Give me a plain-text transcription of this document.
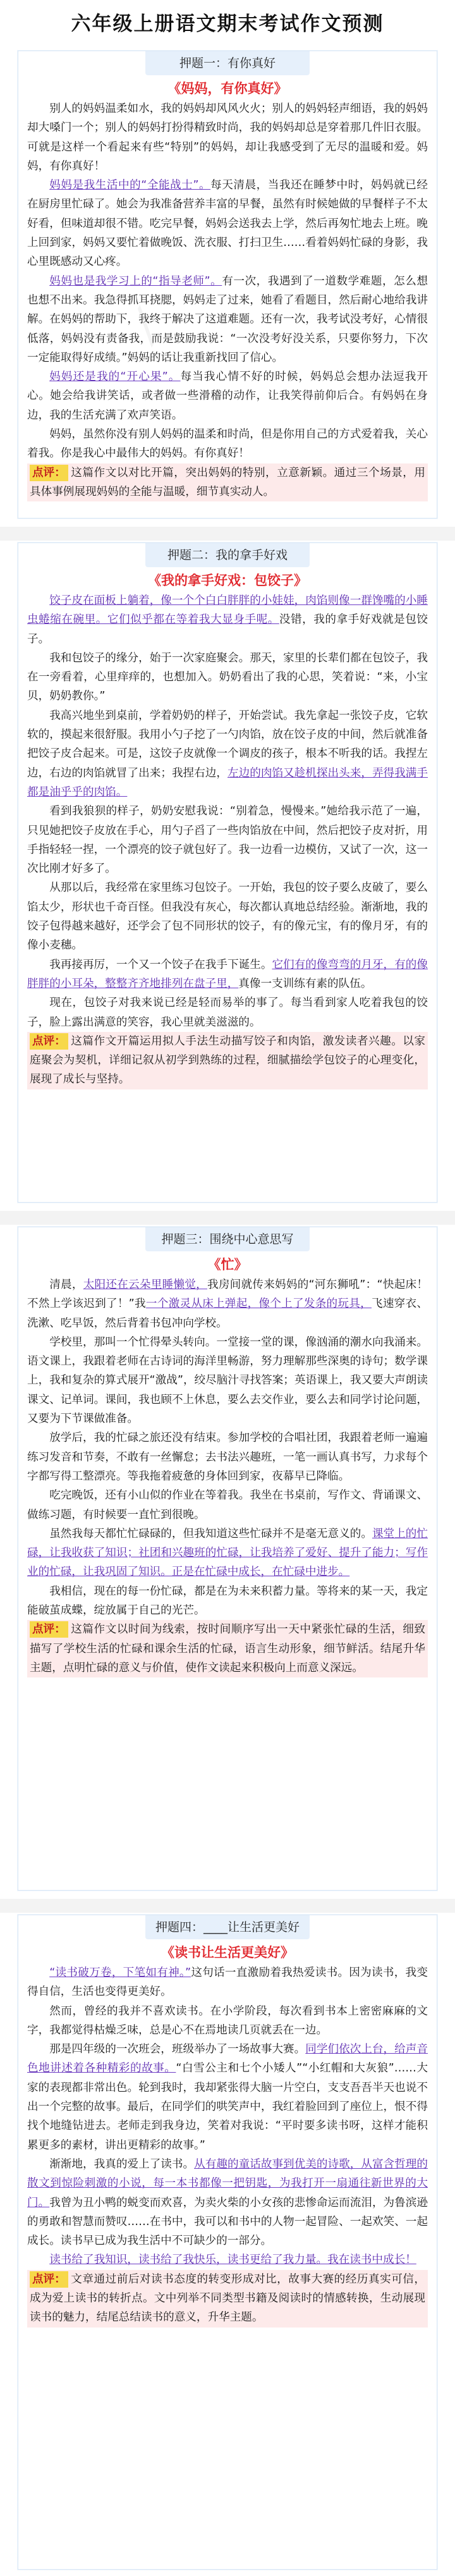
六年级上册语文期末考试作文预测
押题一：有你真好
《妈妈，有你真好》

别人的妈妈温柔如水，我的妈妈却风风火火；别人的妈妈轻声细语，我的妈妈却大嗓门一个；别人的妈妈打扮得精致时尚，我的妈妈却总是穿着那几件旧衣服。可就是这样一个看起来有些“特别”的妈妈，却让我感受到了无尽的温暖和爱。妈妈，有你真好！

妈妈是我生活中的“全能战士”。每天清晨，当我还在睡梦中时，妈妈就已经在厨房里忙碌了。她会为我准备营养丰富的早餐，虽然有时候她做的早餐样子不太好看，但味道却很不错。吃完早餐，妈妈会送我去上学，然后再匆忙地去上班。晚上回到家，妈妈又要忙着做晚饭、洗衣服、打扫卫生……看着妈妈忙碌的身影，我心里既感动又心疼。

妈妈也是我学习上的“指导老师”。有一次，我遇到了一道数学难题，怎么想也想不出来。我急得抓耳挠腮，妈妈走了过来，她看了看题目，然后耐心地给我讲解。在妈妈的帮助下，我终于解决了这道难题。还有一次，我考试没考好，心情很低落，妈妈没有责备我，而是鼓励我说：“一次没考好没关系，只要你努力，下次一定能取得好成绩。”妈妈的话让我重新找回了信心。

妈妈还是我的“开心果”。每当我心情不好的时候，妈妈总会想办法逗我开心。她会给我讲笑话，或者做一些滑稽的动作，让我笑得前仰后合。有妈妈在身边，我的生活充满了欢声笑语。

妈妈，虽然你没有别人妈妈的温柔和时尚，但是你用自己的方式爱着我，关心着我。你是我心中最伟大的妈妈。有你真好！

点评： 这篇作文以对比开篇，突出妈妈的特别，立意新颖。通过三个场景，用具体事例展现妈妈的全能与温暖，细节真实动人。

押题二：我的拿手好戏
《我的拿手好戏：包饺子》

饺子皮在面板上躺着，像一个个白白胖胖的小娃娃，肉馅则像一群馋嘴的小睡虫蜷缩在碗里。它们似乎都在等着我大显身手呢。没错，我的拿手好戏就是包饺子。

我和包饺子的缘分，始于一次家庭聚会。那天，家里的长辈们都在包饺子，我在一旁看着，心里痒痒的，也想加入。奶奶看出了我的心思，笑着说：“来，小宝贝，奶奶教你。”

我高兴地坐到桌前，学着奶奶的样子，开始尝试。我先拿起一张饺子皮，它软软的，摸起来很舒服。我用小勺子挖了一勺肉馅，放在饺子皮的中间，然后就准备把饺子皮合起来。可是，这饺子皮就像一个调皮的孩子，根本不听我的话。我捏左边，右边的肉馅就冒了出来；我捏右边，左边的肉馅又趁机探出头来，弄得我满手都是油乎乎的肉馅。

看到我狼狈的样子，奶奶安慰我说：“别着急，慢慢来。”她给我示范了一遍，只见她把饺子皮放在手心，用勺子舀了一些肉馅放在中间，然后把饺子皮对折，用手指轻轻一捏，一个漂亮的饺子就包好了。我一边看一边模仿，又试了一次，这一次比刚才好多了。

从那以后，我经常在家里练习包饺子。一开始，我包的饺子要么皮破了，要么馅太少，形状也千奇百怪。但我没有灰心，每次都认真地总结经验。渐渐地，我的饺子包得越来越好，还学会了包不同形状的饺子，有的像元宝，有的像月牙，有的像小麦穗。

我再接再厉，一个又一个饺子在我手下诞生。它们有的像弯弯的月牙，有的像胖胖的小耳朵，整整齐齐地排列在盘子里，真像一支训练有素的队伍。

现在，包饺子对我来说已经是轻而易举的事了。每当看到家人吃着我包的饺子，脸上露出满意的笑容，我心里就美滋滋的。

点评： 这篇作文开篇运用拟人手法生动描写饺子和肉馅，激发读者兴趣。以家庭聚会为契机，详细记叙从初学到熟练的过程，细腻描绘学包饺子的心理变化，展现了成长与坚持。

押题三：围绕中心意思写
《忙》

清晨，太阳还在云朵里睡懒觉，我房间就传来妈妈的“河东狮吼”：“快起床！不然上学该迟到了！”我一个激灵从床上弹起，像个上了发条的玩具，飞速穿衣、洗漱、吃早饭，然后背着书包冲向学校。

学校里，那叫一个忙得晕头转向。一堂接一堂的课，像汹涌的潮水向我涌来。语文课上，我跟着老师在古诗词的海洋里畅游，努力理解那些深奥的诗句；数学课上，我和复杂的算式展开“激战”，绞尽脑汁寻找答案；英语课上，我又要大声朗读课文、记单词。课间，我也顾不上休息，要么去交作业，要么去和同学讨论问题，又要为下节课做准备。

放学后，我的忙碌之旅还没有结束。参加学校的合唱社团，我跟着老师一遍遍练习发音和节奏，不敢有一丝懈怠；去书法兴趣班，一笔一画认真书写，力求每个字都写得工整漂亮。等我拖着疲惫的身体回到家，夜幕早已降临。

吃完晚饭，还有小山似的作业在等着我。我坐在书桌前，写作文、背诵课文、做练习题，有时候要一直忙到很晚。

虽然我每天都忙忙碌碌的，但我知道这些忙碌并不是毫无意义的。课堂上的忙碌，让我收获了知识；社团和兴趣班的忙碌，让我培养了爱好、提升了能力；写作业的忙碌，让我巩固了知识。正是在忙碌中成长，在忙碌中进步。

我相信，现在的每一份忙碌，都是在为未来积蓄力量。等将来的某一天，我定能破茧成蝶，绽放属于自己的光芒。

点评： 这篇作文以时间为线索，按时间顺序写出一天中紧张忙碌的生活，细致描写了学校生活的忙碌和课余生活的忙碌，语言生动形象，细节鲜活。结尾升华主题，点明忙碌的意义与价值，使作文读起来积极向上而意义深远。

押题四：____让生活更美好
《读书让生活更美好》

“读书破万卷，下笔如有神。”这句话一直激励着我热爱读书。因为读书，我变得自信，生活也变得更美好。

然而，曾经的我并不喜欢读书。在小学阶段，每次看到书本上密密麻麻的文字，我都觉得枯燥乏味，总是心不在焉地读几页就丢在一边。

那是四年级的一次班会，班级举办了一场故事大赛。同学们依次上台，给声音色地讲述着各种精彩的故事。“白雪公主和七个小矮人”“小红帽和大灰狼”……大家的表现都非常出色。轮到我时，我却紧张得大脑一片空白，支支吾吾半天也说不出一个完整的故事。最后，在同学们的哄笑声中，我红着脸回到了座位上，恨不得找个地缝钻进去。老师走到我身边，笑着对我说：“平时要多读书呀，这样才能积累更多的素材，讲出更精彩的故事。”

渐渐地，我真的爱上了读书。从有趣的童话故事到优美的诗歌，从富含哲理的散文到惊险刺激的小说，每一本书都像一把钥匙，为我打开一扇通往新世界的大门。我曾为丑小鸭的蜕变而欢喜，为卖火柴的小女孩的悲惨命运而流泪，为鲁滨逊的勇敢和智慧而赞叹……在书中，我可以和书中的人物一起冒险、一起欢笑、一起成长。读书早已成为我生活中不可缺少的一部分。

读书给了我知识，读书给了我快乐，读书更给了我力量。我在读书中成长！

点评： 文章通过前后对读书态度的转变形成对比，故事大赛的经历真实可信，成为爱上读书的转折点。文中列举不同类型书籍及阅读时的情感转换，生动展现读书的魅力，结尾总结读书的意义，升华主题。
